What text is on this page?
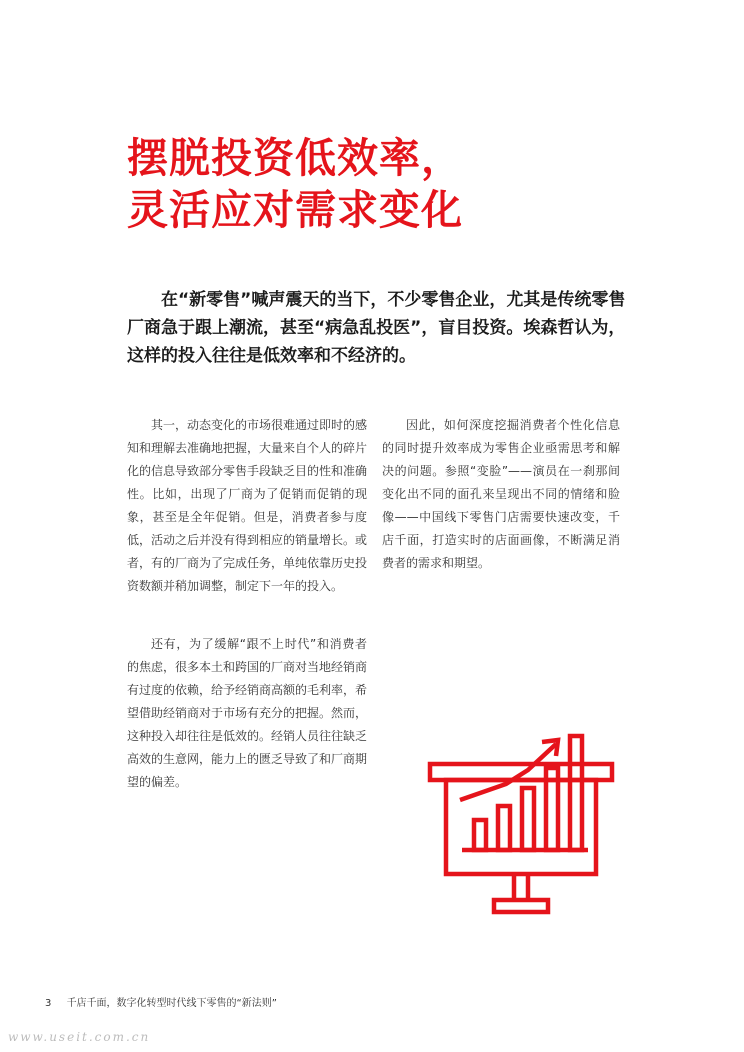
摆脱投资低效率，
灵活应对需求变化

在“新零售”喊声震天的当下，不少零售企业，尤其是传统零售厂商急于跟上潮流，甚至“病急乱投医”，盲目投资。埃森哲认为，这样的投入往往是低效率和不经济的。

其一，动态变化的市场很难通过即时的感知和理解去准确地把握，大量来自个人的碎片化的信息导致部分零售手段缺乏目的性和准确性。比如，出现了厂商为了促销而促销的现象，甚至是全年促销。但是，消费者参与度低，活动之后并没有得到相应的销量增长。或者，有的厂商为了完成任务，单纯依靠历史投资数额并稍加调整，制定下一年的投入。

还有，为了缓解“跟不上时代”和消费者的焦虑，很多本土和跨国的厂商对当地经销商有过度的依赖，给予经销商高额的毛利率，希望借助经销商对于市场有充分的把握。然而，这种投入却往往是低效的。经销人员往往缺乏高效的生意网，能力上的匮乏导致了和厂商期望的偏差。

因此，如何深度挖掘消费者个性化信息的同时提升效率成为零售企业亟需思考和解决的问题。参照“变脸”——演员在一刹那间变化出不同的面孔来呈现出不同的情绪和脸像——中国线下零售门店需要快速改变，千店千面，打造实时的店面画像，不断满足消费者的需求和期望。

3 千店千面，数字化转型时代线下零售的“新法则”
www.useit.com.cn
